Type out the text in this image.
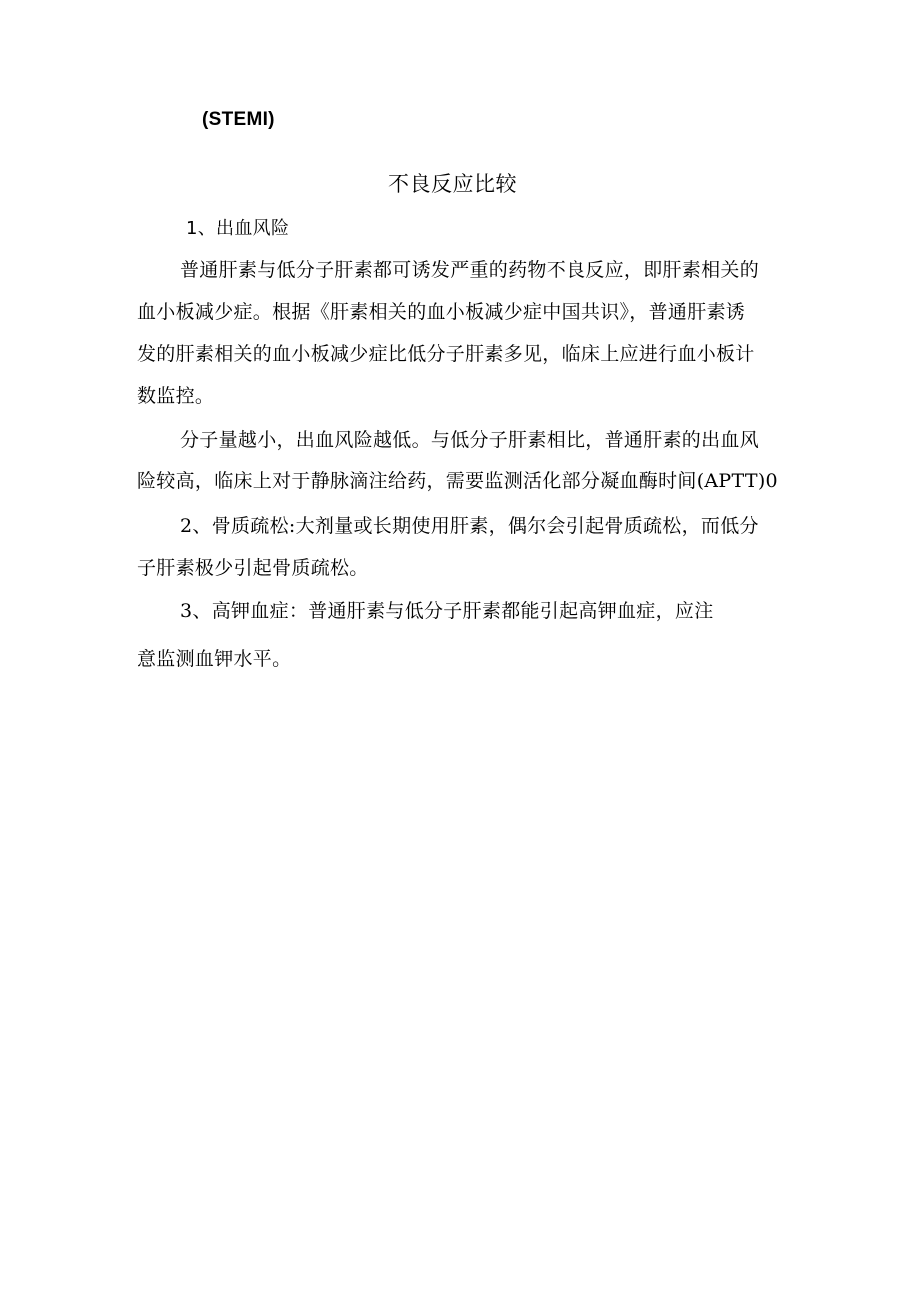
(STEMI)
不良反应比较
1、出血风险
普通肝素与低分子肝素都可诱发严重的药物不良反应，即肝素相关的
血小板减少症。根据《肝素相关的血小板减少症中国共识》，普通肝素诱
发的肝素相关的血小板减少症比低分子肝素多见，临床上应进行血小板计
数监控。
分子量越小，出血风险越低。与低分子肝素相比，普通肝素的出血风
险较高，临床上对于静脉滴注给药，需要监测活化部分凝血酶时间(APTT)0
2、骨质疏松:大剂量或长期使用肝素，偶尔会引起骨质疏松，而低分
子肝素极少引起骨质疏松。
3、高钾血症：普通肝素与低分子肝素都能引起高钾血症，应注
意监测血钾水平。
